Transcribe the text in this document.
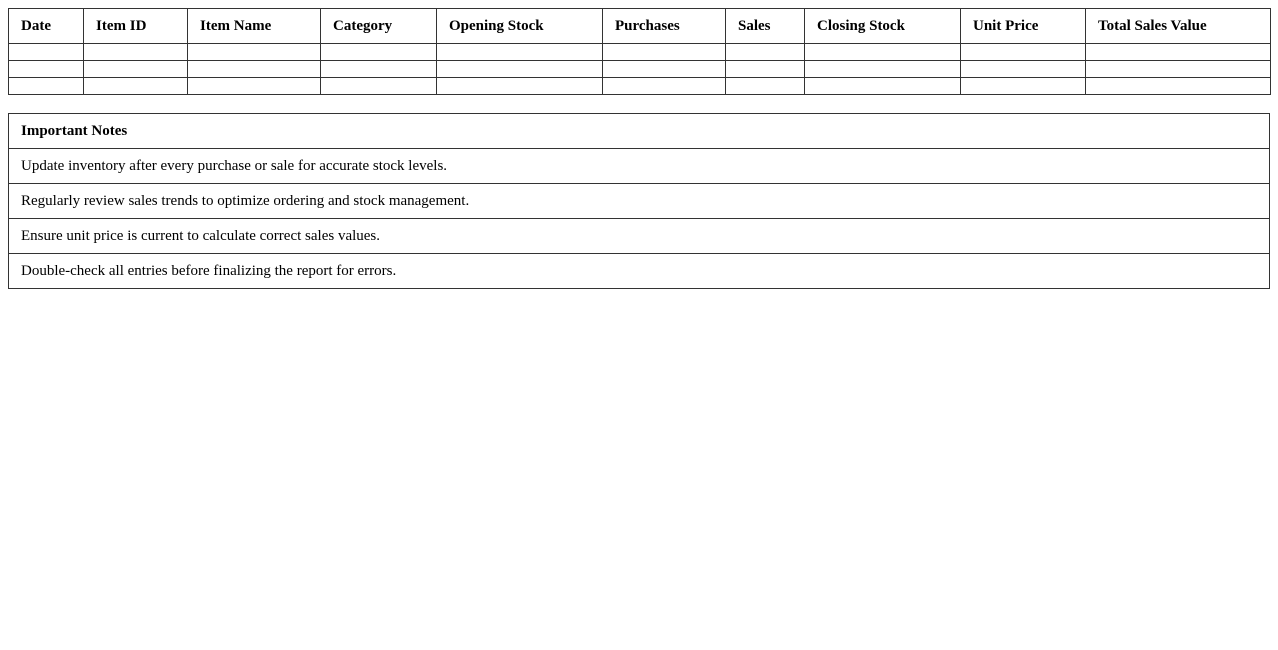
Date	Item ID	Item Name	Category	Opening Stock	Purchases	Sales	Closing Stock	Unit Price	Total Sales Value

Important Notes
Update inventory after every purchase or sale for accurate stock levels.
Regularly review sales trends to optimize ordering and stock management.
Ensure unit price is current to calculate correct sales values.
Double-check all entries before finalizing the report for errors.
